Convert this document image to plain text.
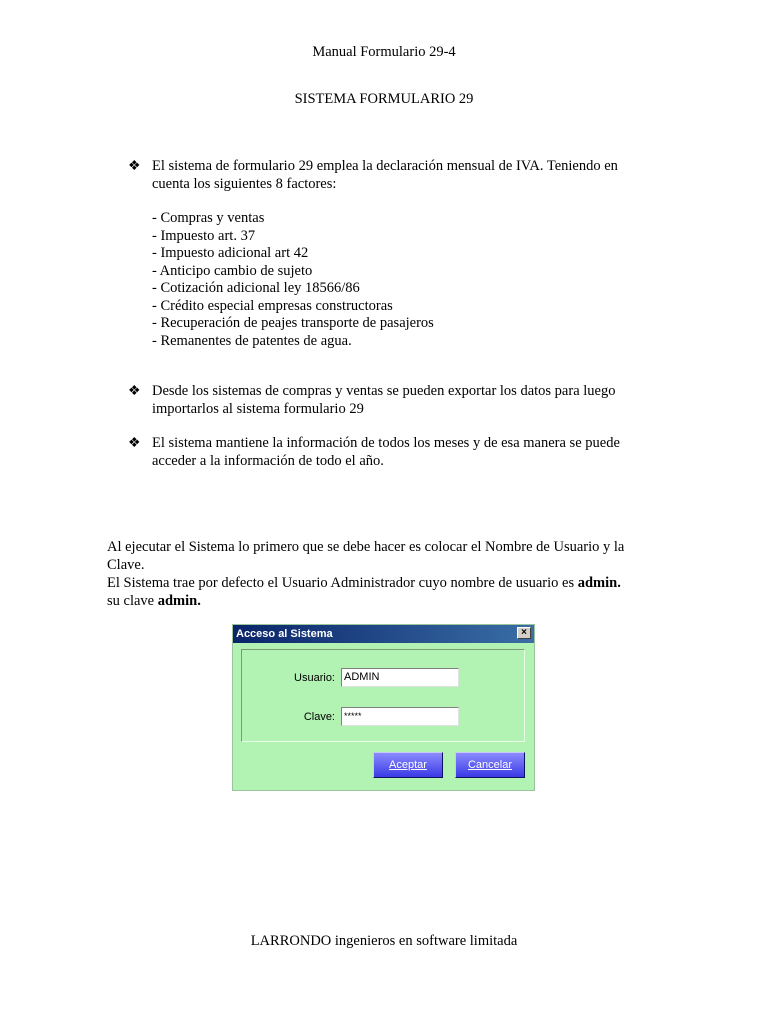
Manual Formulario 29-4
SISTEMA FORMULARIO 29
❖ El sistema de formulario 29 emplea la declaración mensual de IVA. Teniendo en
cuenta los siguientes 8 factores:
- Compras y ventas
- Impuesto art. 37
- Impuesto adicional art 42
- Anticipo cambio de sujeto
- Cotización adicional ley 18566/86
- Crédito especial empresas constructoras
- Recuperación de peajes transporte de pasajeros
- Remanentes de patentes de agua.
❖ Desde los sistemas de compras y ventas se pueden exportar los datos para luego
importarlos al sistema formulario 29
❖ El sistema mantiene la información de todos los meses y de esa manera se puede
acceder a la información de todo el año.
Al ejecutar el Sistema lo primero que se debe hacer es colocar el Nombre de Usuario y la
Clave.
El Sistema trae por defecto el Usuario Administrador cuyo nombre de usuario es admin.
su clave admin.
Acceso al Sistema	×
Usuario: ADMIN
Clave:	*****
Aceptar	Cancelar
LARRONDO ingenieros en software limitada
